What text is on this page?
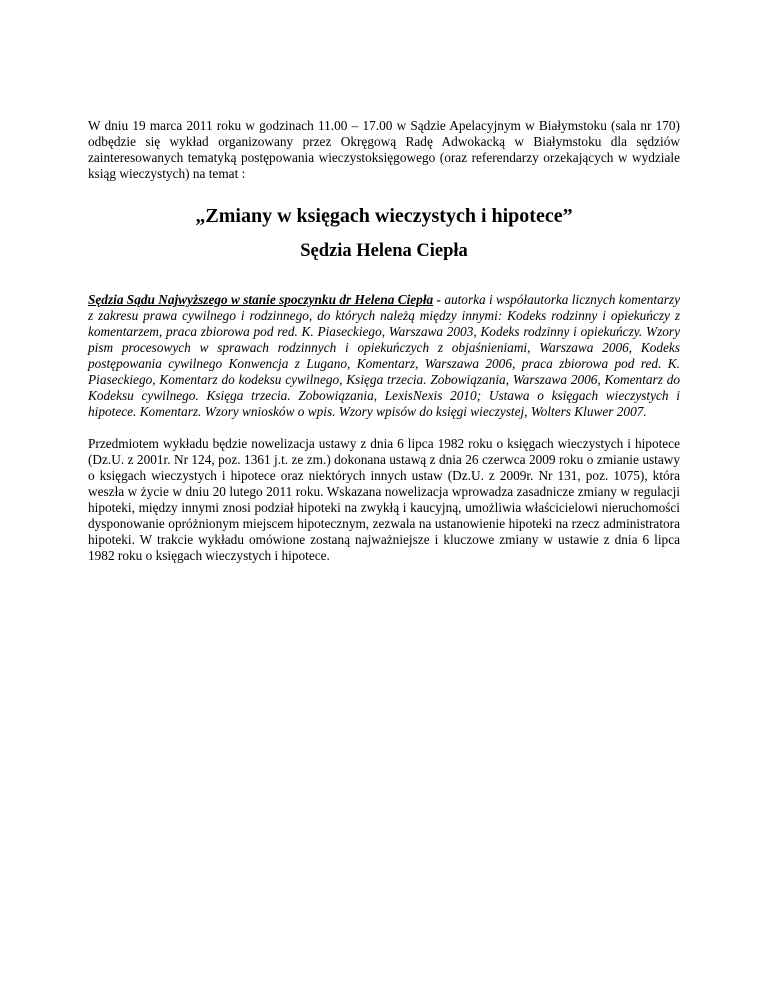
W dniu 19 marca 2011 roku w godzinach 11.00 – 17.00 w Sądzie Apelacyjnym w Białymstoku (sala nr 170) odbędzie się wykład organizowany przez Okręgową Radę Adwokacką w Białymstoku dla sędziów zainteresowanych tematyką postępowania wieczystoksięgowego (oraz referendarzy orzekających w wydziale ksiąg wieczystych) na temat :

„Zmiany w księgach wieczystych i hipotece”
Sędzia Helena Ciepła

Sędzia Sądu Najwyższego w stanie spoczynku dr Helena Ciepła - autorka i współautorka licznych komentarzy z zakresu prawa cywilnego i rodzinnego, do których należą między innymi: Kodeks rodzinny i opiekuńczy z komentarzem, praca zbiorowa pod red. K. Piaseckiego, Warszawa 2003, Kodeks rodzinny i opiekuńczy. Wzory pism procesowych w sprawach rodzinnych i opiekuńczych z objaśnieniami, Warszawa 2006, Kodeks postępowania cywilnego Konwencja z Lugano, Komentarz, Warszawa 2006, praca zbiorowa pod red. K. Piaseckiego, Komentarz do kodeksu cywilnego, Księga trzecia. Zobowiązania, Warszawa 2006, Komentarz do Kodeksu cywilnego. Księga trzecia. Zobowiązania, LexisNexis 2010; Ustawa o księgach wieczystych i hipotece. Komentarz. Wzory wniosków o wpis. Wzory wpisów do księgi wieczystej, Wolters Kluwer 2007.

Przedmiotem wykładu będzie nowelizacja ustawy z dnia 6 lipca 1982 roku o księgach wieczystych i hipotece (Dz.U. z 2001r. Nr 124, poz. 1361 j.t. ze zm.) dokonana ustawą z dnia 26 czerwca 2009 roku o zmianie ustawy o księgach wieczystych i hipotece oraz niektórych innych ustaw (Dz.U. z 2009r. Nr 131, poz. 1075), która weszła w życie w dniu 20 lutego 2011 roku. Wskazana nowelizacja wprowadza zasadnicze zmiany w regulacji hipoteki, między innymi znosi podział hipoteki na zwykłą i kaucyjną, umożliwia właścicielowi nieruchomości dysponowanie opróżnionym miejscem hipotecznym, zezwala na ustanowienie hipoteki na rzecz administratora hipoteki. W trakcie wykładu omówione zostaną najważniejsze i kluczowe zmiany w ustawie z dnia 6 lipca 1982 roku o księgach wieczystych i hipotece.
